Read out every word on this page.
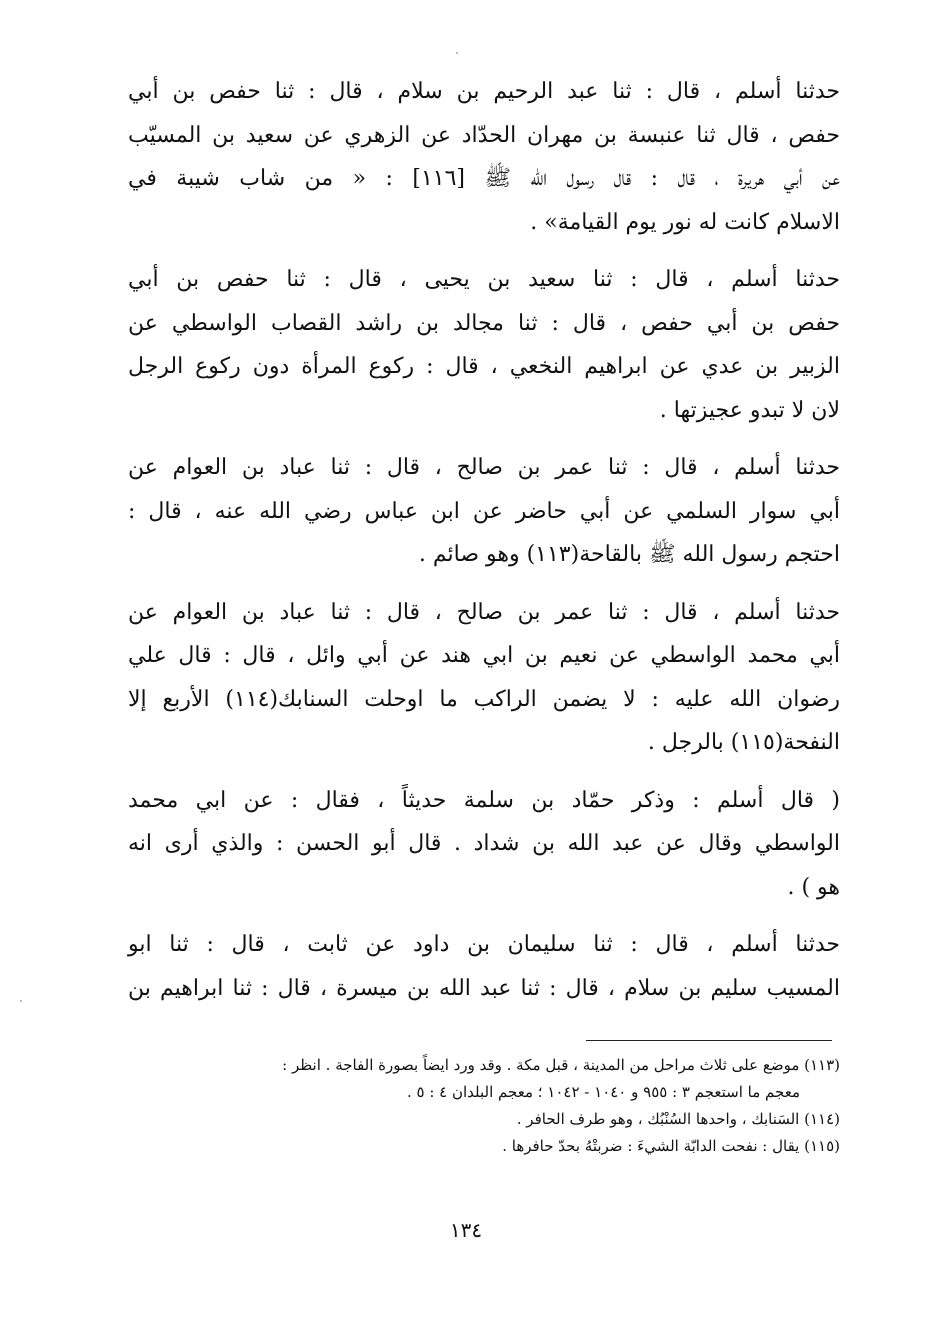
حدثنا أسلم ، قال : ثنا عبد الرحيم بن سلام ، قال : ثنا حفص بن أبي
حفص ، قال ثنا عنبسة بن مهران الحدّاد عن الزهري عن سعيد بن المسيّب
عن أبي هريرة ، قال : قال رسول الله ﷺ [١١٦] : « من شاب شيبة في
الاسلام كانت له نور يوم القيامة» .
حدثنا أسلم ، قال : ثنا سعيد بن يحيى ، قال : ثنا حفص بن أبي
حفص بن أبي حفص ، قال : ثنا مجالد بن راشد القصاب الواسطي عن
الزبير بن عدي عن ابراهيم النخعي ، قال : ركوع المرأة دون ركوع الرجل
لان لا تبدو عجيزتها .
حدثنا أسلم ، قال : ثنا عمر بن صالح ، قال : ثنا عباد بن العوام عن
أبي سوار السلمي عن أبي حاضر عن ابن عباس رضي الله عنه ، قال :
احتجم رسول الله ﷺ بالقاحة(١١٣) وهو صائم .
حدثنا أسلم ، قال : ثنا عمر بن صالح ، قال : ثنا عباد بن العوام عن
أبي محمد الواسطي عن نعيم بن ابي هند عن أبي وائل ، قال : قال علي
رضوان الله عليه : لا يضمن الراكب ما اوحلت السنابك(١١٤) الأربع إلا
النفحة(١١٥) بالرجل .
( قال أسلم : وذكر حمّاد بن سلمة حديثاً ، فقال : عن ابي محمد
الواسطي وقال عن عبد الله بن شداد . قال أبو الحسن : والذي أرى انه
هو ) .
حدثنا أسلم ، قال : ثنا سليمان بن داود عن ثابت ، قال : ثنا ابو
المسيب سليم بن سلام ، قال : ثنا عبد الله بن ميسرة ، قال : ثنا ابراهيم بن
(١١٣) موضع على ثلاث مراحل من المدينة ، قبل مكة . وقد ورد ايضاً بصورة الفاجة . انظر :
معجم ما استعجم ٣ : ٩٥٥ و ١٠٤٠ - ١٠٤٢ ؛ معجم البلدان ٤ : ٥ .
(١١٤) السَنابك ، واحدها السُنْبُك ، وهو طرف الحافر .
(١١٥) يقال : نفحت الدابّة الشيءَ : ضربتْهُ بحدّ حافرها .
١٣٤
